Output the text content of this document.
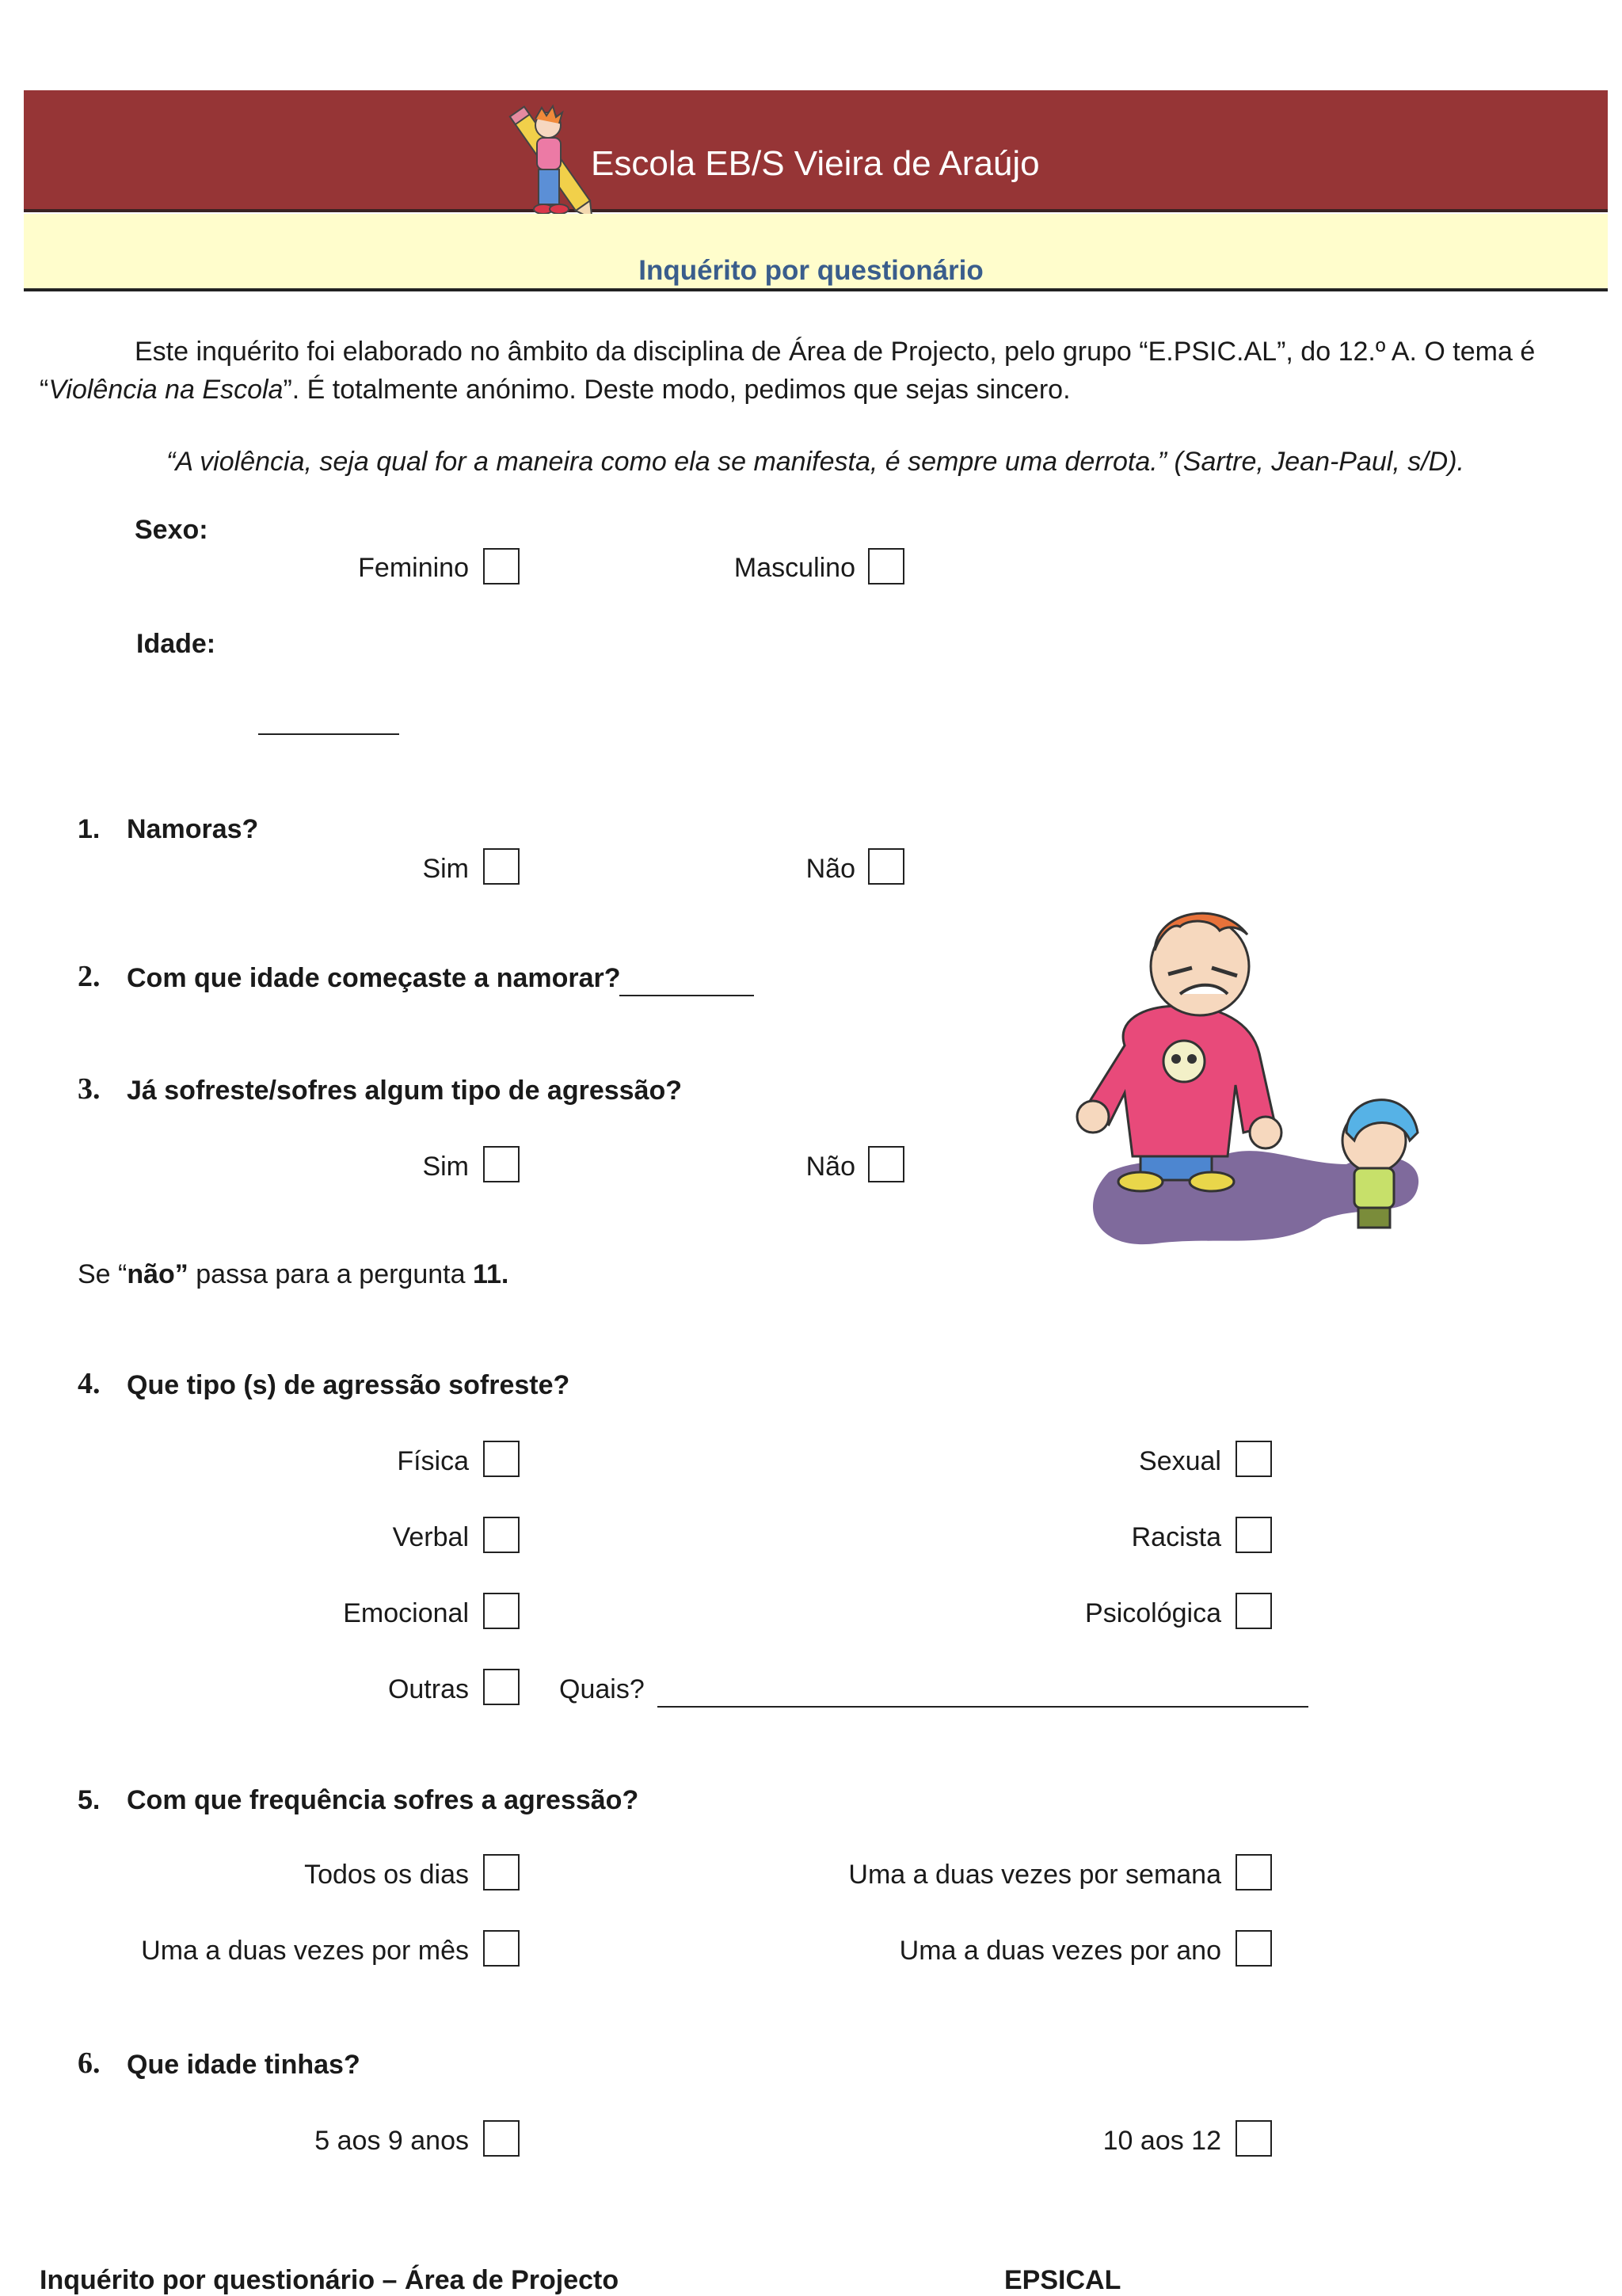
Escola EB/S Vieira de Araújo
Inquérito por questionário
Este inquérito foi elaborado no âmbito da disciplina de Área de Projecto, pelo grupo “E.PSIC.AL”, do 12.º A. O tema é
“Violência na Escola”. É totalmente anónimo. Deste modo, pedimos que sejas sincero.
“A violência, seja qual for a maneira como ela se manifesta, é sempre uma derrota.” (Sartre, Jean-Paul, s/D).
Sexo:
Feminino	Masculino
Idade:
1. Namoras?
Sim	Não
2. Com que idade começaste a namorar?
3. Já sofreste/sofres algum tipo de agressão?
Sim	Não
Se “não” passa para a pergunta 11.
4. Que tipo (s) de agressão sofreste?
Física	Sexual
Verbal	Racista
Emocional	Psicológica
Outras	Quais?
5. Com que frequência sofres a agressão?
Todos os dias	Uma a duas vezes por semana
Uma a duas vezes por mês	Uma a duas vezes por ano
6. Que idade tinhas?
5 aos 9 anos	10 aos 12
Inquérito por questionário – Área de Projecto	EPSICAL
